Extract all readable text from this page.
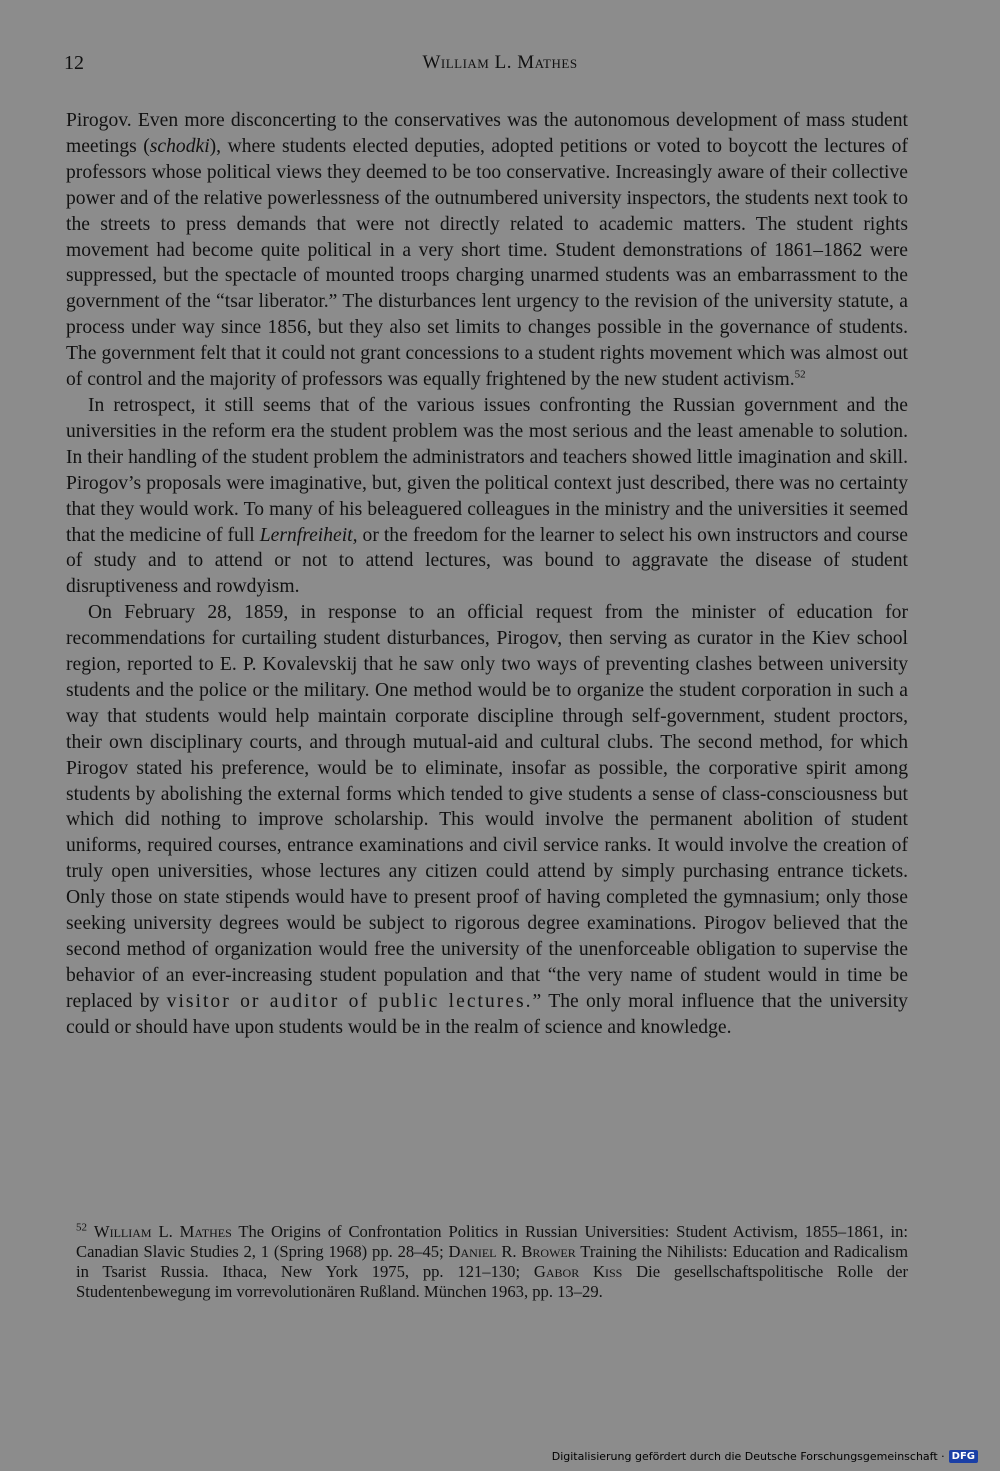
12	William L. Mathes

Pirogov. Even more disconcerting to the conservatives was the autonomous development of mass student meetings (schodki), where students elected deputies, adopted petitions or voted to boycott the lectures of professors whose political views they deemed to be too conservative. Increasingly aware of their collective power and of the relative powerlessness of the outnumbered university inspectors, the students next took to the streets to press demands that were not directly related to academic matters. The student rights movement had become quite political in a very short time. Student demonstrations of 1861–1862 were suppressed, but the spectacle of mounted troops charging unarmed students was an embarrassment to the government of the “tsar liberator.” The disturbances lent urgency to the revision of the university statute, a process under way since 1856, but they also set limits to changes possible in the governance of students. The government felt that it could not grant concessions to a student rights movement which was almost out of control and the majority of professors was equally frightened by the new student activism.$^{52}$

In retrospect, it still seems that of the various issues confronting the Russian government and the universities in the reform era the student problem was the most serious and the least amenable to solution. In their handling of the student problem the administrators and teachers showed little imagination and skill. Pirogov’s proposals were imaginative, but, given the political context just described, there was no certainty that they would work. To many of his beleaguered colleagues in the ministry and the universities it seemed that the medicine of full Lernfreiheit, or the freedom for the learner to select his own instructors and course of study and to attend or not to attend lectures, was bound to aggravate the disease of student disruptiveness and rowdyism.

On February 28, 1859, in response to an official request from the minister of education for recommendations for curtailing student disturbances, Pirogov, then serving as curator in the Kiev school region, reported to E. P. Kovalevskij that he saw only two ways of preventing clashes between university students and the police or the military. One method would be to organize the student corporation in such a way that students would help maintain corporate discipline through self-government, student proctors, their own disciplinary courts, and through mutual-aid and cultural clubs. The second method, for which Pirogov stated his preference, would be to eliminate, insofar as possible, the corporative spirit among students by abolishing the external forms which tended to give students a sense of class-consciousness but which did nothing to improve scholarship. This would involve the permanent abolition of student uniforms, required courses, entrance examinations and civil service ranks. It would involve the creation of truly open universities, whose lectures any citizen could attend by simply purchasing entrance tickets. Only those on state stipends would have to present proof of having completed the gymnasium; only those seeking university degrees would be subject to rigorous degree examinations. Pirogov believed that the second method of organization would free the university of the unenforceable obligation to supervise the behavior of an ever-increasing student population and that “the very name of student would in time be replaced by visitor or auditor of public lectures.” The only moral influence that the university could or should have upon students would be in the realm of science and knowledge.

$^{52}$ William L. Mathes The Origins of Confrontation Politics in Russian Universities: Student Activism, 1855–1861, in: Canadian Slavic Studies 2, 1 (Spring 1968) pp. 28–45; Daniel R. Brower Training the Nihilists: Education and Radicalism in Tsarist Russia. Ithaca, New York 1975, pp. 121–130; Gabor Kiss Die gesellschaftspolitische Rolle der Studentenbewegung im vorrevolutionären Rußland. München 1963, pp. 13–29.
Digitalisierung gefördert durch die Deutsche Forschungsgemeinschaft · DFG
